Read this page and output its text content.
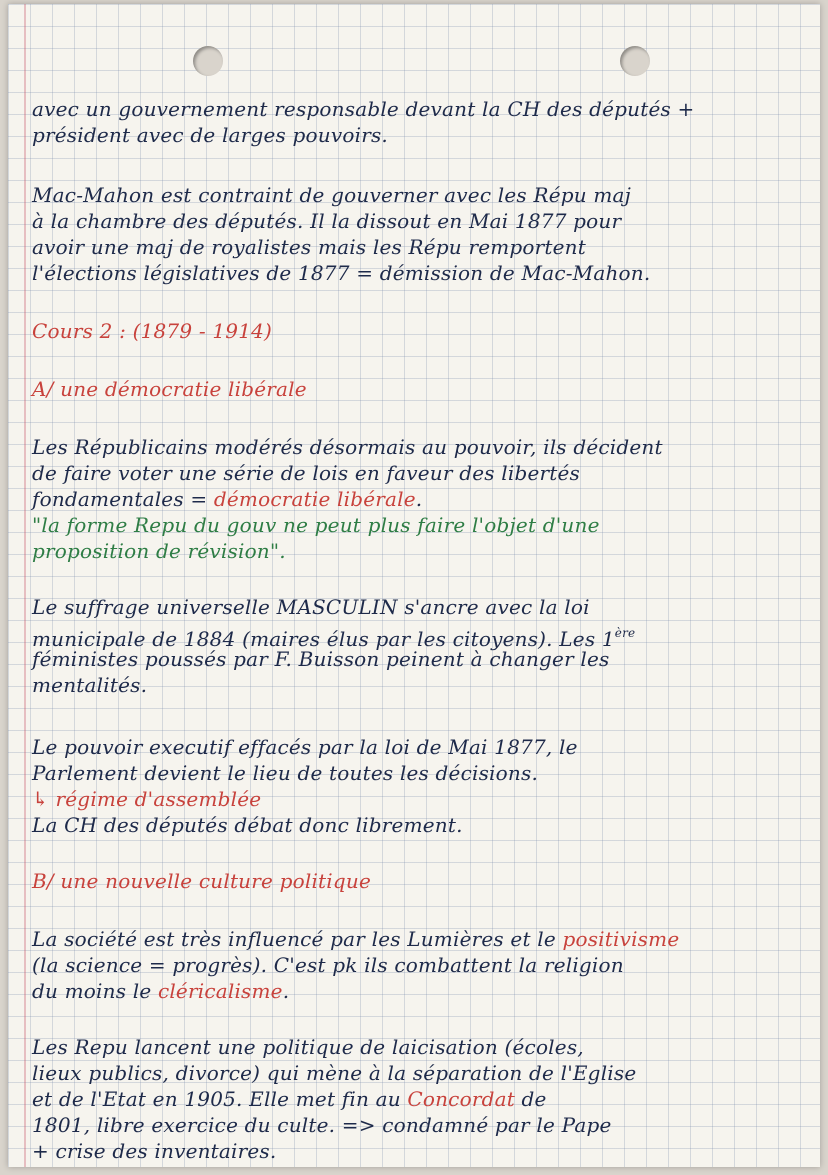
avec un gouvernement responsable devant la CH des députés +

président avec de larges pouvoirs.

Mac-Mahon est contraint de gouverner avec les Répu maj

à la chambre des députés. Il la dissout en Mai 1877 pour

avoir une maj de royalistes mais les Répu remportent

l'élections législatives de 1877 = démission de Mac-Mahon.

Cours 2 : (1879 - 1914)

A/ une démocratie libérale

Les Républicains modérés désormais au pouvoir, ils décident

de faire voter une série de lois en faveur des libertés

fondamentales = démocratie libérale.

"la forme Repu du gouv ne peut plus faire l'objet d'une

proposition de révision".

Le suffrage universelle MASCULIN s'ancre avec la loi

municipale de 1884 (maires élus par les citoyens). Les 1ère

féministes poussés par F. Buisson peinent à changer les

mentalités.

Le pouvoir executif effacés par la loi de Mai 1877, le

Parlement devient le lieu de toutes les décisions.

↳ régime d'assemblée

La CH des députés débat donc librement.

B/ une nouvelle culture politique

La société est très influencé par les Lumières et le positivisme

(la science = progrès). C'est pk ils combattent la religion

du moins le cléricalisme.

Les Repu lancent une politique de laicisation (écoles,

lieux publics, divorce) qui mène à la séparation de l'Eglise

et de l'Etat en 1905. Elle met fin au Concordat de

1801, libre exercice du culte. => condamné par le Pape

+ crise des inventaires.
